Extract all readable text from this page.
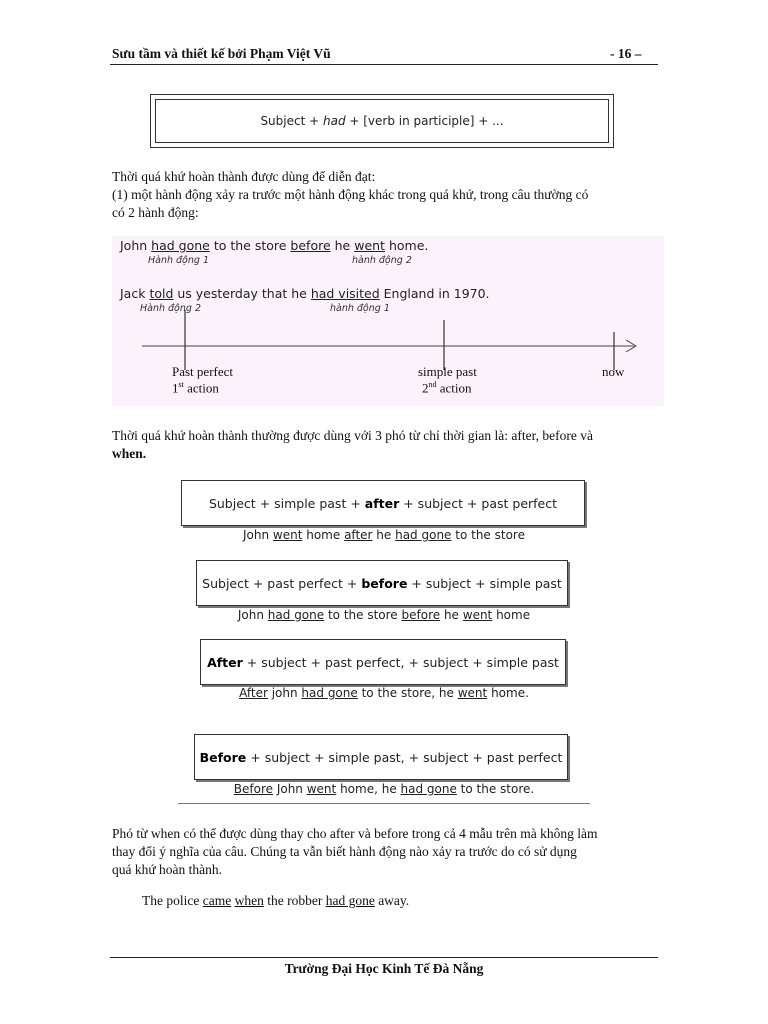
Sưu tầm và thiết kế bởi Phạm Việt Vũ	- 16 –
Subject + had + [verb in participle] + ...
Thời quá khứ hoàn thành được dùng để diễn đạt:
(1) một hành động xảy ra trước một hành động khác trong quá khứ, trong câu thường có
có 2 hành động:
John had gone to the store before he went home.
Hành động 1	hành động 2
Jack told us yesterday that he had visited England in 1970.
Hành động 2	hành động 1
Past perfect
1st action
simple past
2nd action
now
Thời quá khứ hoàn thành thường được dùng với 3 phó từ chỉ thời gian là: after, before và
when.
Subject + simple past + after + subject + past perfect
John went home after he had gone to the store
Subject + past perfect + before + subject + simple past
John had gone to the store before he went home
After + subject + past perfect, + subject + simple past
After john had gone to the store, he went home.
Before + subject + simple past, + subject + past perfect
Before John went home, he had gone to the store.
Phó từ when có thể được dùng thay cho after và before trong cả 4 mẫu trên mà không làm
thay đổi ý nghĩa của câu. Chúng ta vẫn biết hành động nào xảy ra trước do có sử dụng
quá khứ hoàn thành.
The police came when the robber had gone away.
Trường Đại Học Kinh Tế Đà Nẵng
